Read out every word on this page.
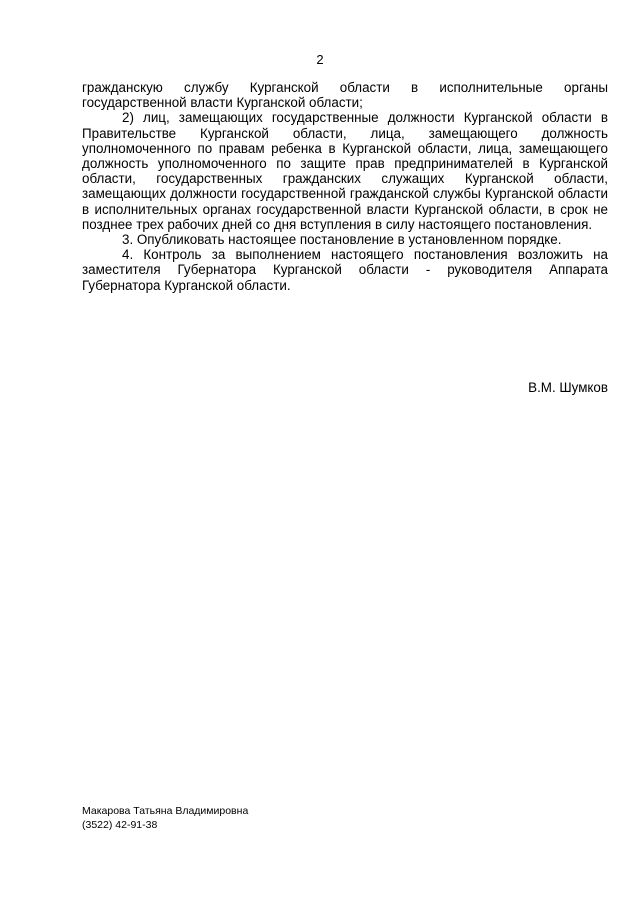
2

гражданскую службу Курганской области в исполнительные органы государственной власти Курганской области;

2) лиц, замещающих государственные должности Курганской области в Правительстве Курганской области, лица, замещающего должность уполномоченного по правам ребенка в Курганской области, лица, замещающего должность уполномоченного по защите прав предпринимателей в Курганской области, государственных гражданских служащих Курганской области, замещающих должности государственной гражданской службы Курганской области в исполнительных органах государственной власти Курганской области, в срок не позднее трех рабочих дней со дня вступления в силу настоящего постановления.

3. Опубликовать настоящее постановление в установленном порядке.

4. Контроль за выполнением настоящего постановления возложить на заместителя Губернатора Курганской области - руководителя Аппарата Губернатора Курганской области.

В.М. Шумков
Макарова Татьяна Владимировна
(3522) 42-91-38
